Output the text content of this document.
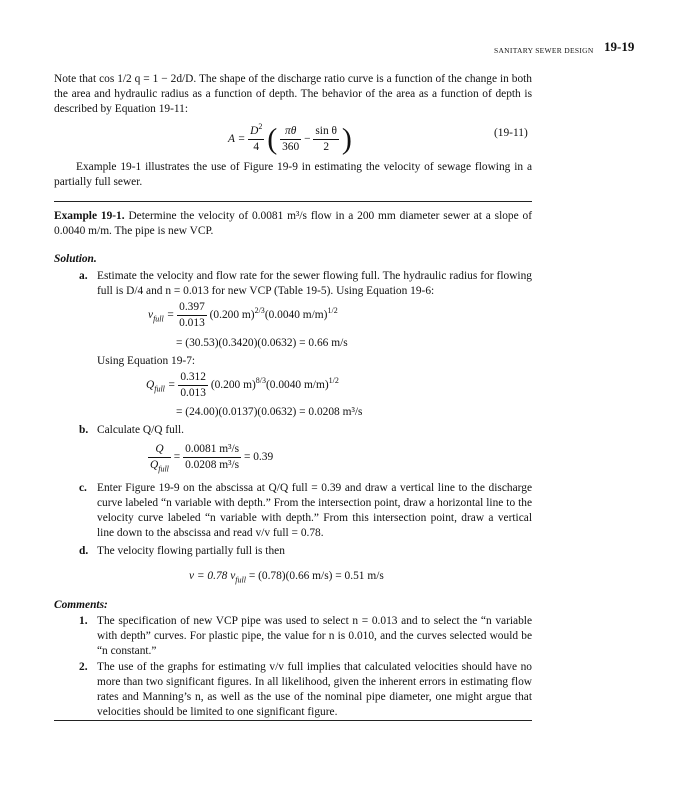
SANITARY SEWER DESIGN 19-19
Note that cos 1/2 q = 1 − 2d/D. The shape of the discharge ratio curve is a function of the change in both the area and hydraulic radius as a function of depth. The behavior of the area as a function of depth is described by Equation 19-11:
$A = \frac{D^2}{4}$ ( $\frac{\pi\theta}{360} - \frac{\text{sin θ}}{2}$ )	(19-11)
Example 19-1 illustrates the use of Figure 19-9 in estimating the velocity of sewage flowing in a partially full sewer.
Example 19-1. Determine the velocity of 0.0081 m³/s flow in a 200 mm diameter sewer at a slope of 0.0040 m/m. The pipe is new VCP.
Solution.
a. Estimate the velocity and flow rate for the sewer flowing full. The hydraulic radius for flowing full is D/4 and n = 0.013 for new VCP (Table 19-5). Using Equation 19-6:
$v_{full} = \frac{0.397}{0.013} (0.200$ m)$^{2/3}$(0.0040 m/m)$^{1/2}$
= (30.53)(0.3420)(0.0632) = 0.66 m/s
Using Equation 19-7:
$Q_{full} = \frac{0.312}{0.013} (0.200$ m)$^{8/3}$(0.0040 m/m)$^{1/2}$
= (24.00)(0.0137)(0.0632) = 0.0208 m³/s
b. Calculate Q/Q full.
$\frac{Q}{Q_{full}} = \frac{\text{0.0081 m³/s}}{\text{0.0208 m³/s}} = 0.39$
c. Enter Figure 19-9 on the abscissa at Q/Q full = 0.39 and draw a vertical line to the discharge curve labeled “n variable with depth.” From the intersection point, draw a horizontal line to the velocity curve labeled “n variable with depth.” From this intersection point, draw a vertical line down to the abscissa and read v/v full = 0.78.
d. The velocity flowing partially full is then
v = 0.78 $v_{full} = (0.78)(0.66$ m/s) = 0.51 m/s
Comments:
1. The specification of new VCP pipe was used to select n = 0.013 and to select the “n variable with depth” curves. For plastic pipe, the value for n is 0.010, and the curves selected would be “n constant.”
2. The use of the graphs for estimating v/v full implies that calculated velocities should have no more than two significant figures. In all likelihood, given the inherent errors in estimating flow rates and Manning’s n, as well as the use of the nominal pipe diameter, one might argue that velocities should be limited to one significant figure.
